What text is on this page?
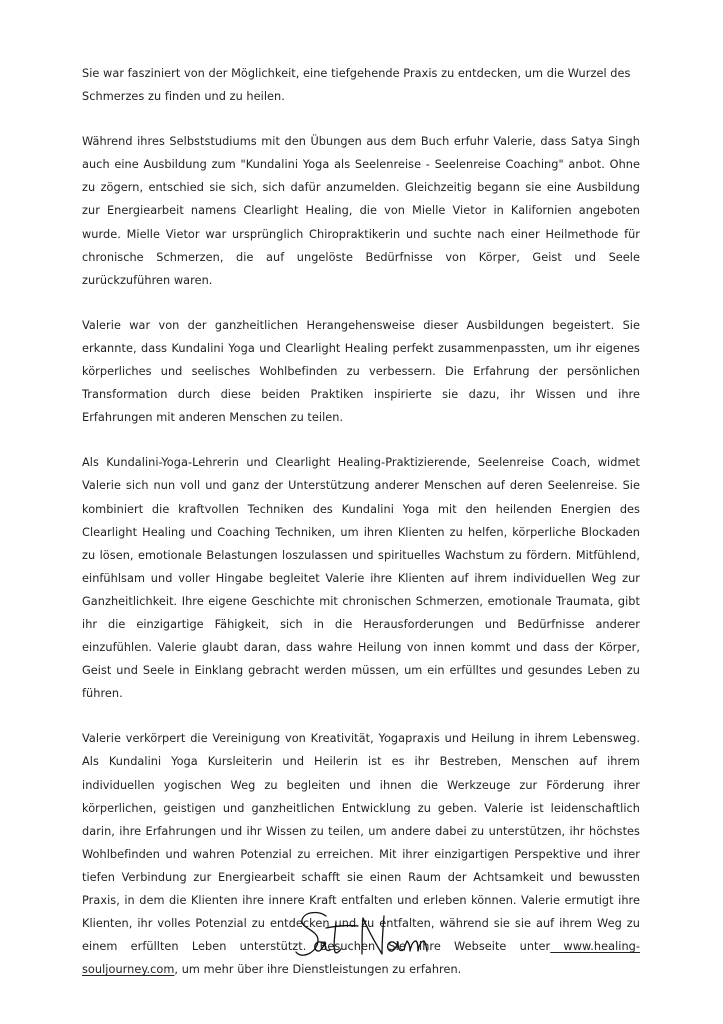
Sie war fasziniert von der Möglichkeit, eine tiefgehende Praxis zu entdecken, um die Wurzel des Schmerzes zu finden und zu heilen.

Während ihres Selbststudiums mit den Übungen aus dem Buch erfuhr Valerie, dass Satya Singh auch eine Ausbildung zum "Kundalini Yoga als Seelenreise - Seelenreise Coaching" anbot. Ohne zu zögern, entschied sie sich, sich dafür anzumelden. Gleichzeitig begann sie eine Ausbildung zur Energiearbeit namens Clearlight Healing, die von Mielle Vietor in Kalifornien angeboten wurde. Mielle Vietor war ursprünglich Chiropraktikerin und suchte nach einer Heilmethode für chronische Schmerzen, die auf ungelöste Bedürfnisse von Körper, Geist und Seele zurückzuführen waren.

Valerie war von der ganzheitlichen Herangehensweise dieser Ausbildungen begeistert. Sie erkannte, dass Kundalini Yoga und Clearlight Healing perfekt zusammenpassten, um ihr eigenes körperliches und seelisches Wohlbefinden zu verbessern. Die Erfahrung der persönlichen Transformation durch diese beiden Praktiken inspirierte sie dazu, ihr Wissen und ihre Erfahrungen mit anderen Menschen zu teilen.

Als Kundalini-Yoga-Lehrerin und Clearlight Healing-Praktizierende, Seelenreise Coach, widmet Valerie sich nun voll und ganz der Unterstützung anderer Menschen auf deren Seelenreise. Sie kombiniert die kraftvollen Techniken des Kundalini Yoga mit den heilenden Energien des Clearlight Healing und Coaching Techniken, um ihren Klienten zu helfen, körperliche Blockaden zu lösen, emotionale Belastungen loszulassen und spirituelles Wachstum zu fördern. Mitfühlend, einfühlsam und voller Hingabe begleitet Valerie ihre Klienten auf ihrem individuellen Weg zur Ganzheitlichkeit. Ihre eigene Geschichte mit chronischen Schmerzen, emotionale Traumata, gibt ihr die einzigartige Fähigkeit, sich in die Herausforderungen und Bedürfnisse anderer einzufühlen. Valerie glaubt daran, dass wahre Heilung von innen kommt und dass der Körper, Geist und Seele in Einklang gebracht werden müssen, um ein erfülltes und gesundes Leben zu führen.

Valerie verkörpert die Vereinigung von Kreativität, Yogapraxis und Heilung in ihrem Lebensweg. Als Kundalini Yoga Kursleiterin und Heilerin ist es ihr Bestreben, Menschen auf ihrem individuellen yogischen Weg zu begleiten und ihnen die Werkzeuge zur Förderung ihrer körperlichen, geistigen und ganzheitlichen Entwicklung zu geben. Valerie ist leidenschaftlich darin, ihre Erfahrungen und ihr Wissen zu teilen, um andere dabei zu unterstützen, ihr höchstes Wohlbefinden und wahren Potenzial zu erreichen. Mit ihrer einzigartigen Perspektive und ihrer tiefen Verbindung zur Energiearbeit schafft sie einen Raum der Achtsamkeit und bewussten Praxis, in dem die Klienten ihre innere Kraft entfalten und erleben können. Valerie ermutigt ihre Klienten, ihr volles Potenzial zu entdecken und zu entfalten, während sie sie auf ihrem Weg zu einem erfüllten Leben unterstützt. Besuchen Sie ihre Webseite unter www.healing-souljourney.com, um mehr über ihre Dienstleistungen zu erfahren.
